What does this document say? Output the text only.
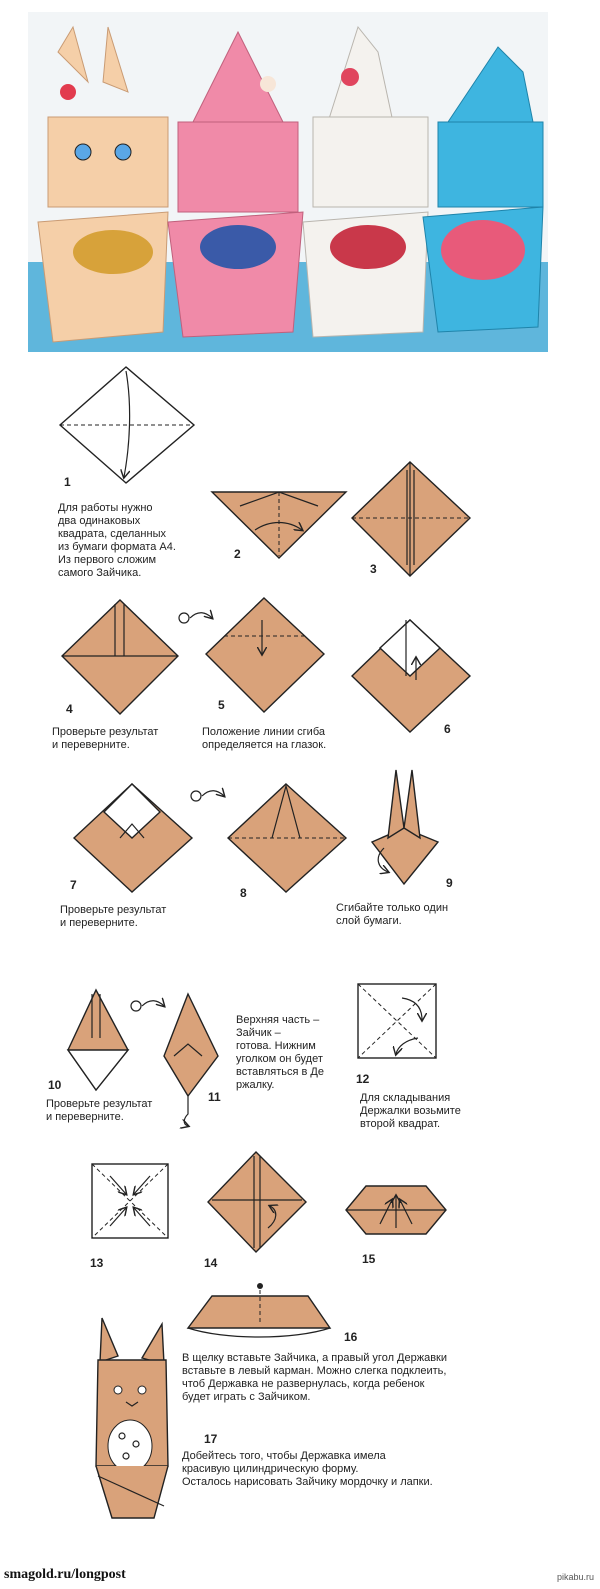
1
Для работы нужно
два одинаковых
квадрата, сделанных
из бумаги формата А4.
Из первого сложим
самого Зайчика.
2
3
4
Проверьте результат
и переверните.
5
Положение линии сгиба
определяется на глазок.
6
7
Проверьте результат
и переверните.
8
9
Сгибайте только один
слой бумаги.
10
Проверьте результат
и переверните.
11
Верхняя часть –
Зайчик –
готова. Нижним
уголком он будет
вставляться в Де
ржалку.	12
Для складывания
Держалки возьмите
второй квадрат.
13	14	15
16
В щелку вставьте Зайчика, а правый угол Державки
вставьте в левый карман. Можно слегка подклеить,
чтоб Державка не развернулась, когда ребенок
будет играть с Зайчиком.
17
Добейтесь того, чтобы Державка имела
красивую цилиндрическую форму.
Осталось нарисовать Зайчику мордочку и лапки.
smagold.ru/longpost	pikabu.ru
